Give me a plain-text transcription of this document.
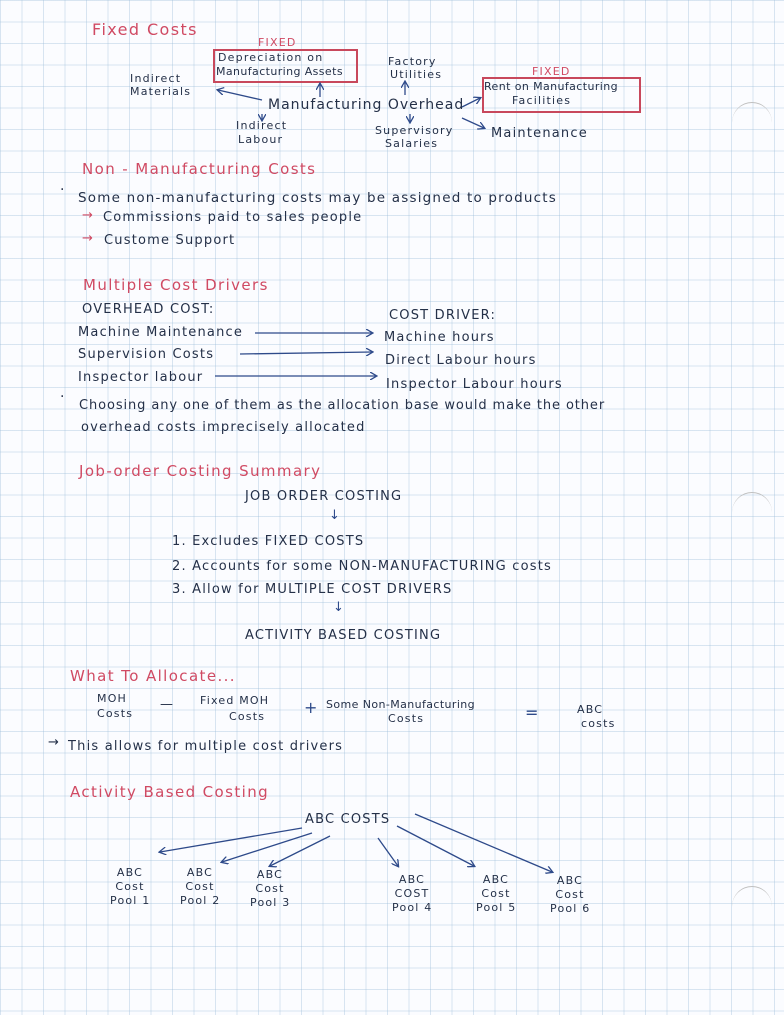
Fixed Costs
FIXED
Depreciation on
Manufacturing Assets
Factory
Utilities	FIXED
Rent on Manufacturing
Facilities
Indirect
Materials
Manufacturing Overhead
Indirect
Labour
Supervisory
Salaries
Maintenance
Non - Manufacturing Costs
· Some non-manufacturing costs may be assigned to products
→ Commissions paid to sales people
→ Custome Support
Multiple Cost Drivers
OVERHEAD COST:	COST DRIVER:
Machine Maintenance	Machine hours
Supervision Costs	Direct Labour hours
Inspector labour	Inspector Labour hours
·
Choosing any one of them as the allocation base would make the other
overhead costs imprecisely allocated
Job-order Costing Summary
JOB ORDER COSTING
↓
1. Excludes FIXED COSTS
2. Accounts for some NON-MANUFACTURING costs
3. Allow for MULTIPLE COST DRIVERS
↓
ACTIVITY BASED COSTING
What To Allocate...
MOH
Costs
— Fixed MOH
Costs + Some Non-Manufacturing
Costs	=	ABC
costs
→ This allows for multiple cost drivers
Activity Based Costing
ABC COSTS
ABC
Cost
Pool 1
ABC
Cost
Pool 2
ABC
Cost
Pool 3
ABC
COST
Pool 4
ABC
Cost
Pool 5
ABC
Cost
Pool 6
